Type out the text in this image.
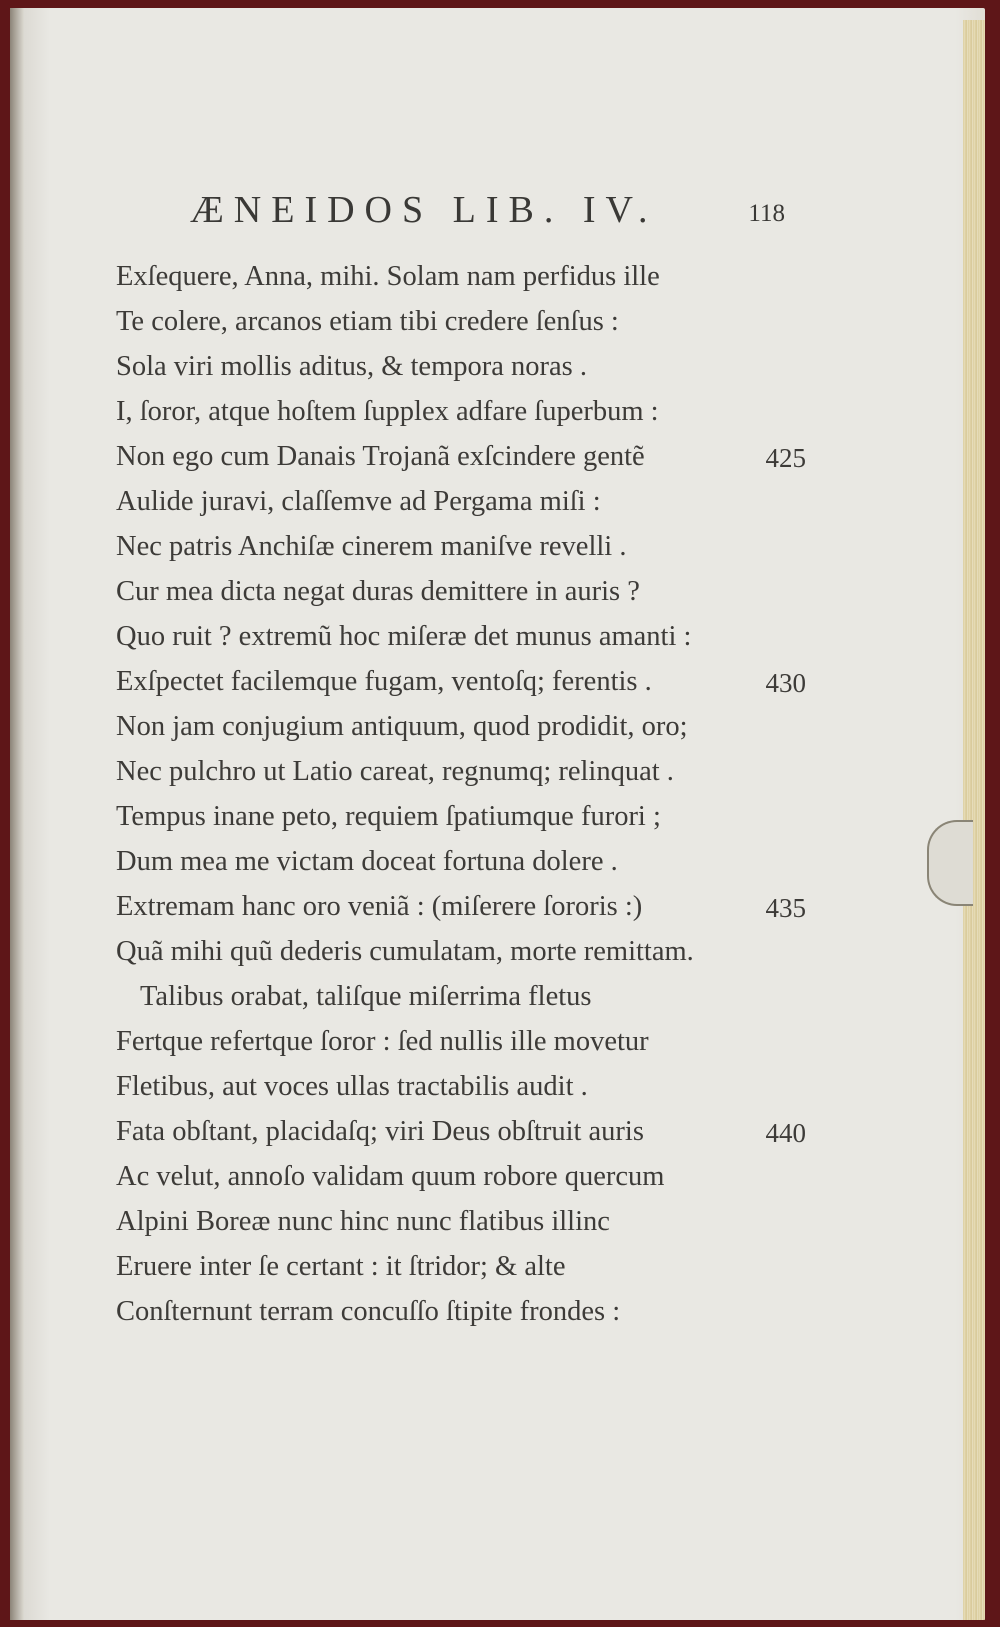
ÆNEIDOS LIB. IV.	118
Exſequere, Anna, mihi. Solam nam perfidus ille
Te colere, arcanos etiam tibi credere ſenſus :
Sola viri mollis aditus, & tempora noras .
I, ſoror, atque hoſtem ſupplex adfare ſuperbum :
Non ego cum Danais Trojanã exſcindere gentẽ	425
Aulide juravi, claſſemve ad Pergama miſi :
Nec patris Anchiſæ cinerem maniſve revelli .
Cur mea dicta negat duras demittere in auris ?
Quo ruit ? extremũ hoc miſeræ det munus amanti :
Exſpectet facilemque fugam, ventoſq; ferentis .	430
Non jam conjugium antiquum, quod prodidit, oro;
Nec pulchro ut Latio careat, regnumq; relinquat .
Tempus inane peto, requiem ſpatiumque furori ;
Dum mea me victam doceat fortuna dolere .
Extremam hanc oro veniã : (miſerere ſororis :)	435
Quã mihi quũ dederis cumulatam, morte remittam.
Talibus orabat, taliſque miſerrima fletus
Fertque refertque ſoror : ſed nullis ille movetur
Fletibus, aut voces ullas tractabilis audit .
Fata obſtant, placidaſq; viri Deus obſtruit auris	440
Ac velut, annoſo validam quum robore quercum
Alpini Boreæ nunc hinc nunc flatibus illinc
Eruere inter ſe certant : it ſtridor; & alte
Conſternunt terram concuſſo ſtipite frondes :
